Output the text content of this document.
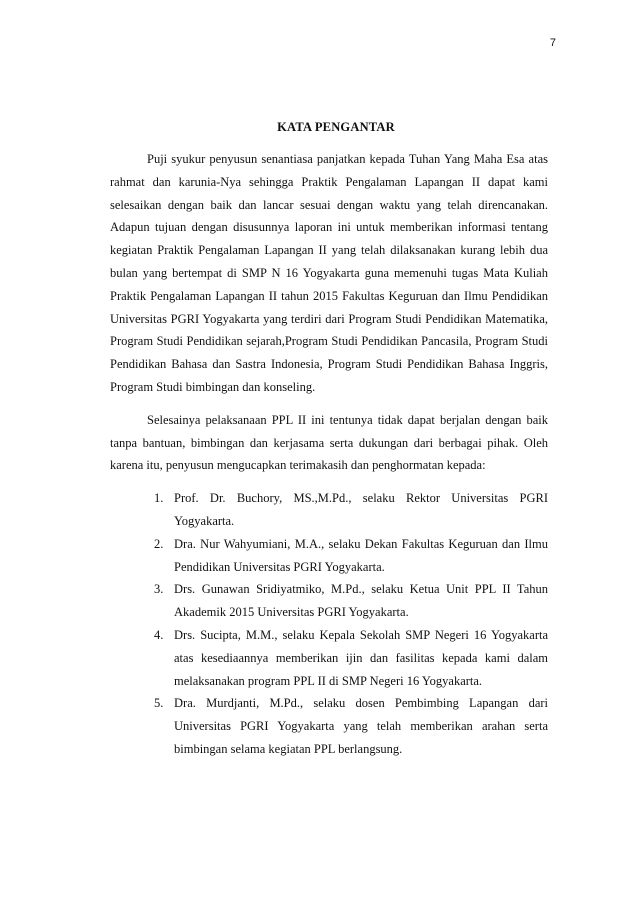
7
KATA PENGANTAR

Puji syukur penyusun senantiasa panjatkan kepada Tuhan Yang Maha Esa atas rahmat dan karunia-Nya sehingga Praktik Pengalaman Lapangan II dapat kami selesaikan dengan baik dan lancar sesuai dengan waktu yang telah direncanakan. Adapun tujuan dengan disusunnya laporan ini untuk memberikan informasi tentang kegiatan Praktik Pengalaman Lapangan II yang telah dilaksanakan kurang lebih dua bulan yang bertempat di SMP N 16 Yogyakarta guna memenuhi tugas Mata Kuliah Praktik Pengalaman Lapangan II tahun 2015 Fakultas Keguruan dan Ilmu Pendidikan Universitas PGRI Yogyakarta yang terdiri dari Program Studi Pendidikan Matematika, Program Studi Pendidikan sejarah,Program Studi Pendidikan Pancasila, Program Studi Pendidikan Bahasa dan Sastra Indonesia, Program Studi Pendidikan Bahasa Inggris, Program Studi bimbingan dan konseling.

Selesainya pelaksanaan PPL II ini tentunya tidak dapat berjalan dengan baik tanpa bantuan, bimbingan dan kerjasama serta dukungan dari berbagai pihak. Oleh karena itu, penyusun mengucapkan terimakasih dan penghormatan kepada:

1. Prof. Dr. Buchory, MS.,M.Pd., selaku Rektor Universitas PGRI Yogyakarta.
2. Dra. Nur Wahyumiani, M.A., selaku Dekan Fakultas Keguruan dan Ilmu Pendidikan Universitas PGRI Yogyakarta.
3. Drs. Gunawan Sridiyatmiko, M.Pd., selaku Ketua Unit PPL II Tahun Akademik 2015 Universitas PGRI Yogyakarta.
4. Drs. Sucipta, M.M., selaku Kepala Sekolah SMP Negeri 16 Yogyakarta atas kesediaannya memberikan ijin dan fasilitas kepada kami dalam melaksanakan program PPL II di SMP Negeri 16 Yogyakarta.
5. Dra. Murdjanti, M.Pd., selaku dosen Pembimbing Lapangan dari Universitas PGRI Yogyakarta yang telah memberikan arahan serta bimbingan selama kegiatan PPL berlangsung.
